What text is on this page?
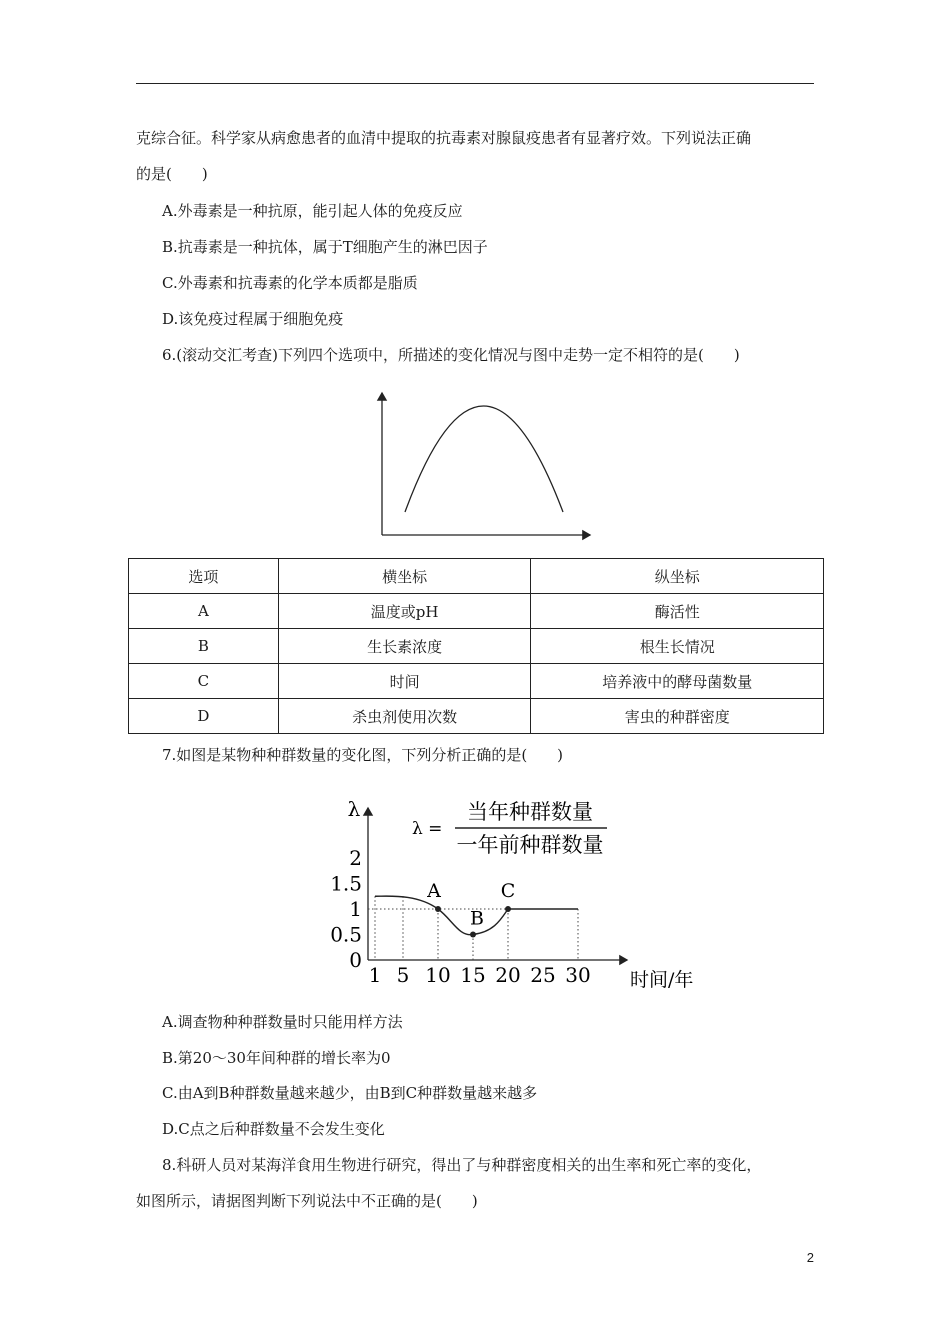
克综合征。科学家从病愈患者的血清中提取的抗毒素对腺鼠疫患者有显著疗效。下列说法正确
的是(　　)
A.外毒素是一种抗原，能引起人体的免疫反应
B.抗毒素是一种抗体，属于T细胞产生的淋巴因子
C.外毒素和抗毒素的化学本质都是脂质
D.该免疫过程属于细胞免疫
6.(滚动交汇考查)下列四个选项中，所描述的变化情况与图中走势一定不相符的是(　　)
选项	横坐标	纵坐标
A	温度或pH	酶活性
B	生长素浓度	根生长情况
C	时间	培养液中的酵母菌数量
D	杀虫剂使用次数	害虫的种群密度
7.如图是某物种种群数量的变化图，下列分析正确的是(　　)
λ
λ =
当年种群数量
一年前种群数量
0
0.5
1
1.5
2
1 5 10 15 20 25 30
A
B
C
时间/年
A.调查物种种群数量时只能用样方法
B.第20～30年间种群的增长率为0
C.由A到B种群数量越来越少，由B到C种群数量越来越多
D.C点之后种群数量不会发生变化
8.科研人员对某海洋食用生物进行研究，得出了与种群密度相关的出生率和死亡率的变化，
如图所示，请据图判断下列说法中不正确的是(　　)
2
